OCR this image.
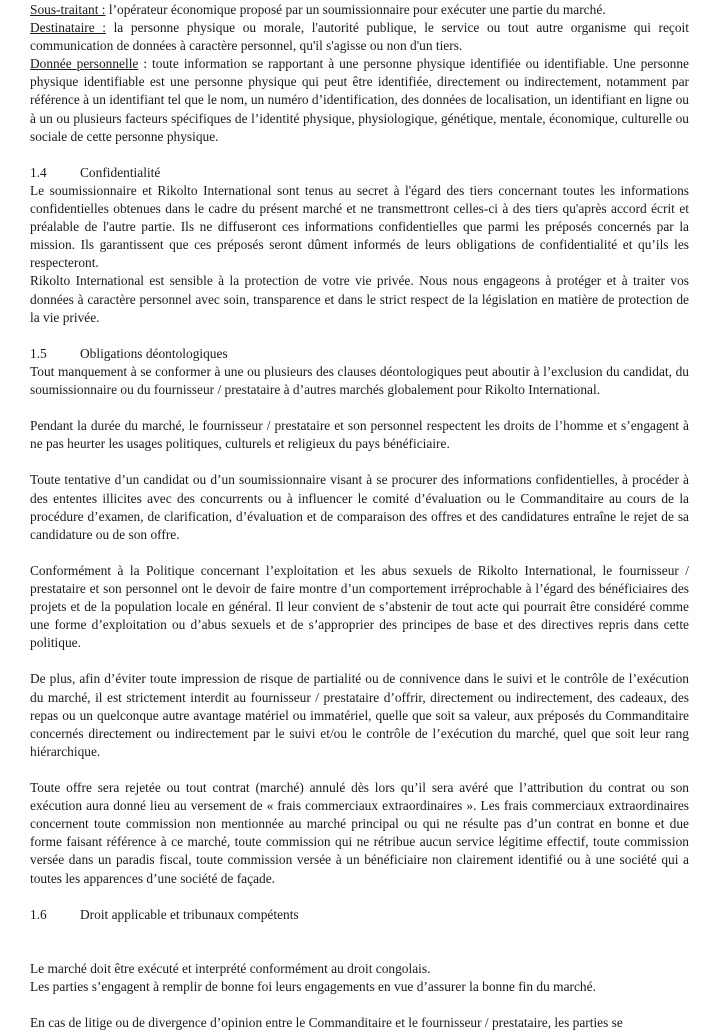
Sous-traitant : l’opérateur économique proposé par un soumissionnaire pour exécuter une partie du marché.

Destinataire : la personne physique ou morale, l'autorité publique, le service ou tout autre organisme qui reçoit communication de données à caractère personnel, qu'il s'agisse ou non d'un tiers.

Donnée personnelle : toute information se rapportant à une personne physique identifiée ou identifiable. Une personne physique identifiable est une personne physique qui peut être identifiée, directement ou indirectement, notamment par référence à un identifiant tel que le nom, un numéro d’identification, des données de localisation, un identifiant en ligne ou à un ou plusieurs facteurs spécifiques de l’identité physique, physiologique, génétique, mentale, économique, culturelle ou sociale de cette personne physique.

1.4	Confidentialité

Le soumissionnaire et Rikolto International sont tenus au secret à l'égard des tiers concernant toutes les informations confidentielles obtenues dans le cadre du présent marché et ne transmettront celles-ci à des tiers qu'après accord écrit et préalable de l'autre partie. Ils ne diffuseront ces informations confidentielles que parmi les préposés concernés par la mission. Ils garantissent que ces préposés seront dûment informés de leurs obligations de confidentialité et qu’ils les respecteront.

Rikolto International est sensible à la protection de votre vie privée. Nous nous engageons à protéger et à traiter vos données à caractère personnel avec soin, transparence et dans le strict respect de la législation en matière de protection de la vie privée.

1.5	Obligations déontologiques

Tout manquement à se conformer à une ou plusieurs des clauses déontologiques peut aboutir à l’exclusion du candidat, du soumissionnaire ou du fournisseur / prestataire à d’autres marchés globalement pour Rikolto International.

Pendant la durée du marché, le fournisseur / prestataire et son personnel respectent les droits de l’homme et s’engagent à ne pas heurter les usages politiques, culturels et religieux du pays bénéficiaire.

Toute tentative d’un candidat ou d’un soumissionnaire visant à se procurer des informations confidentielles, à procéder à des ententes illicites avec des concurrents ou à influencer le comité d’évaluation ou le Commanditaire au cours de la procédure d’examen, de clarification, d’évaluation et de comparaison des offres et des candidatures entraîne le rejet de sa candidature ou de son offre.

Conformément à la Politique concernant l’exploitation et les abus sexuels de Rikolto International, le fournisseur / prestataire et son personnel ont le devoir de faire montre d’un comportement irréprochable à l’égard des bénéficiaires des projets et de la population locale en général. Il leur convient de s’abstenir de tout acte qui pourrait être considéré comme une forme d’exploitation ou d’abus sexuels et de s’approprier des principes de base et des directives repris dans cette politique.

De plus, afin d’éviter toute impression de risque de partialité ou de connivence dans le suivi et le contrôle de l’exécution du marché, il est strictement interdit au fournisseur / prestataire d’offrir, directement ou indirectement, des cadeaux, des repas ou un quelconque autre avantage matériel ou immatériel, quelle que soit sa valeur, aux préposés du Commanditaire concernés directement ou indirectement par le suivi et/ou le contrôle de l’exécution du marché, quel que soit leur rang hiérarchique.

Toute offre sera rejetée ou tout contrat (marché) annulé dès lors qu’il sera avéré que l’attribution du contrat ou son exécution aura donné lieu au versement de « frais commerciaux extraordinaires ». Les frais commerciaux extraordinaires concernent toute commission non mentionnée au marché principal ou qui ne résulte pas d’un contrat en bonne et due forme faisant référence à ce marché, toute commission qui ne rétribue aucun service légitime effectif, toute commission versée dans un paradis fiscal, toute commission versée à un bénéficiaire non clairement identifié ou à une société qui a toutes les apparences d’une société de façade.

1.6	Droit applicable et tribunaux compétents

Le marché doit être exécuté et interprété conformément au droit congolais.

Les parties s’engagent à remplir de bonne foi leurs engagements en vue d’assurer la bonne fin du marché.

En cas de litige ou de divergence d’opinion entre le Commanditaire et le fournisseur / prestataire, les parties se
